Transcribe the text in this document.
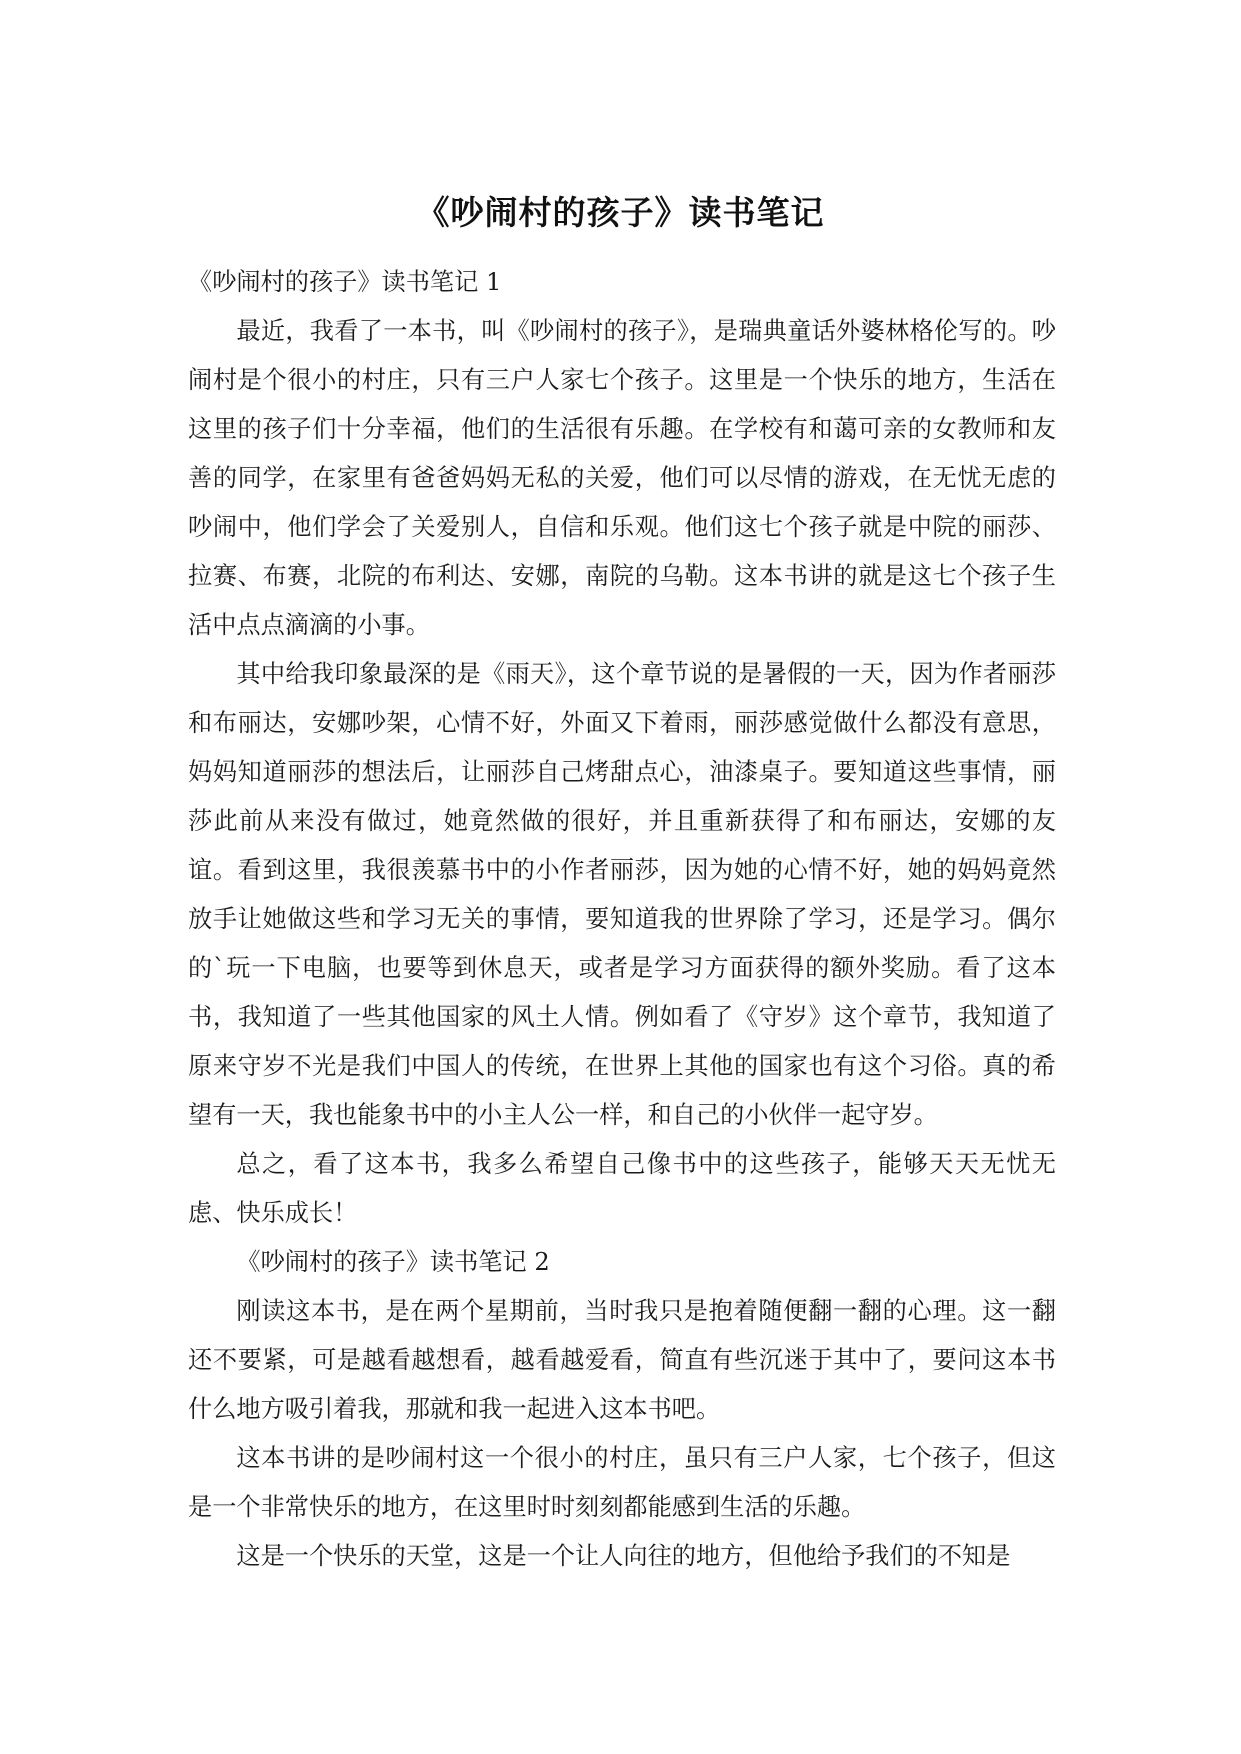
《吵闹村的孩子》读书笔记

《吵闹村的孩子》读书笔记 1

最近，我看了一本书，叫《吵闹村的孩子》，是瑞典童话外婆林格伦写的。吵闹村是个很小的村庄，只有三户人家七个孩子。这里是一个快乐的地方，生活在这里的孩子们十分幸福，他们的生活很有乐趣。在学校有和蔼可亲的女教师和友善的同学，在家里有爸爸妈妈无私的关爱，他们可以尽情的游戏，在无忧无虑的吵闹中，他们学会了关爱别人，自信和乐观。他们这七个孩子就是中院的丽莎、拉赛、布赛，北院的布利达、安娜，南院的乌勒。这本书讲的就是这七个孩子生活中点点滴滴的小事。

其中给我印象最深的是《雨天》，这个章节说的是暑假的一天，因为作者丽莎和布丽达，安娜吵架，心情不好，外面又下着雨，丽莎感觉做什么都没有意思，妈妈知道丽莎的想法后，让丽莎自己烤甜点心，油漆桌子。要知道这些事情，丽莎此前从来没有做过，她竟然做的很好，并且重新获得了和布丽达，安娜的友谊。看到这里，我很羡慕书中的小作者丽莎，因为她的心情不好，她的妈妈竟然放手让她做这些和学习无关的事情，要知道我的世界除了学习，还是学习。偶尔的`玩一下电脑，也要等到休息天，或者是学习方面获得的额外奖励。看了这本书，我知道了一些其他国家的风土人情。例如看了《守岁》这个章节，我知道了原来守岁不光是我们中国人的传统，在世界上其他的国家也有这个习俗。真的希望有一天，我也能象书中的小主人公一样，和自己的小伙伴一起守岁。

总之，看了这本书，我多么希望自己像书中的这些孩子，能够天天无忧无虑、快乐成长！

《吵闹村的孩子》读书笔记 2

刚读这本书，是在两个星期前，当时我只是抱着随便翻一翻的心理。这一翻还不要紧，可是越看越想看，越看越爱看，简直有些沉迷于其中了，要问这本书什么地方吸引着我，那就和我一起进入这本书吧。

这本书讲的是吵闹村这一个很小的村庄，虽只有三户人家，七个孩子，但这是一个非常快乐的地方，在这里时时刻刻都能感到生活的乐趣。

这是一个快乐的天堂，这是一个让人向往的地方，但他给予我们的不知是
